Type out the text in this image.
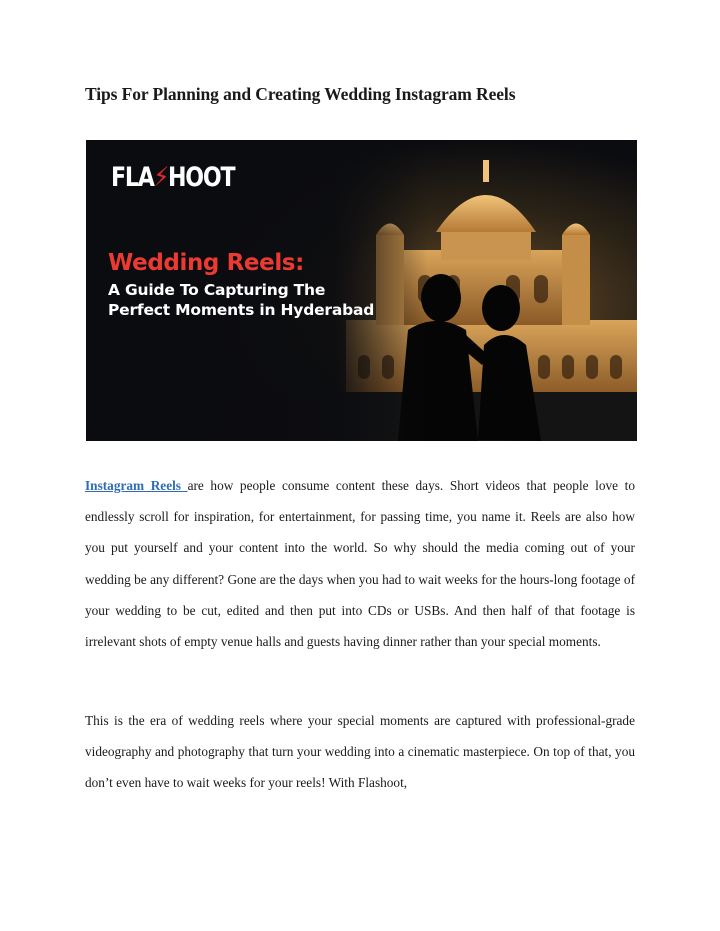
Tips For Planning and Creating Wedding Instagram Reels
FLA⚡HOOT
Wedding Reels:
A Guide To Capturing The
Perfect Moments in Hyderabad

Instagram Reels are how people consume content these days. Short videos that people love to endlessly scroll for inspiration, for entertainment, for passing time, you name it. Reels are also how you put yourself and your content into the world. So why should the media coming out of your wedding be any different? Gone are the days when you had to wait weeks for the hours-long footage of your wedding to be cut, edited and then put into CDs or USBs. And then half of that footage is irrelevant shots of empty venue halls and guests having dinner rather than your special moments.

This is the era of wedding reels where your special moments are captured with professional-grade videography and photography that turn your wedding into a cinematic masterpiece. On top of that, you don’t even have to wait weeks for your reels! With Flashoot,
